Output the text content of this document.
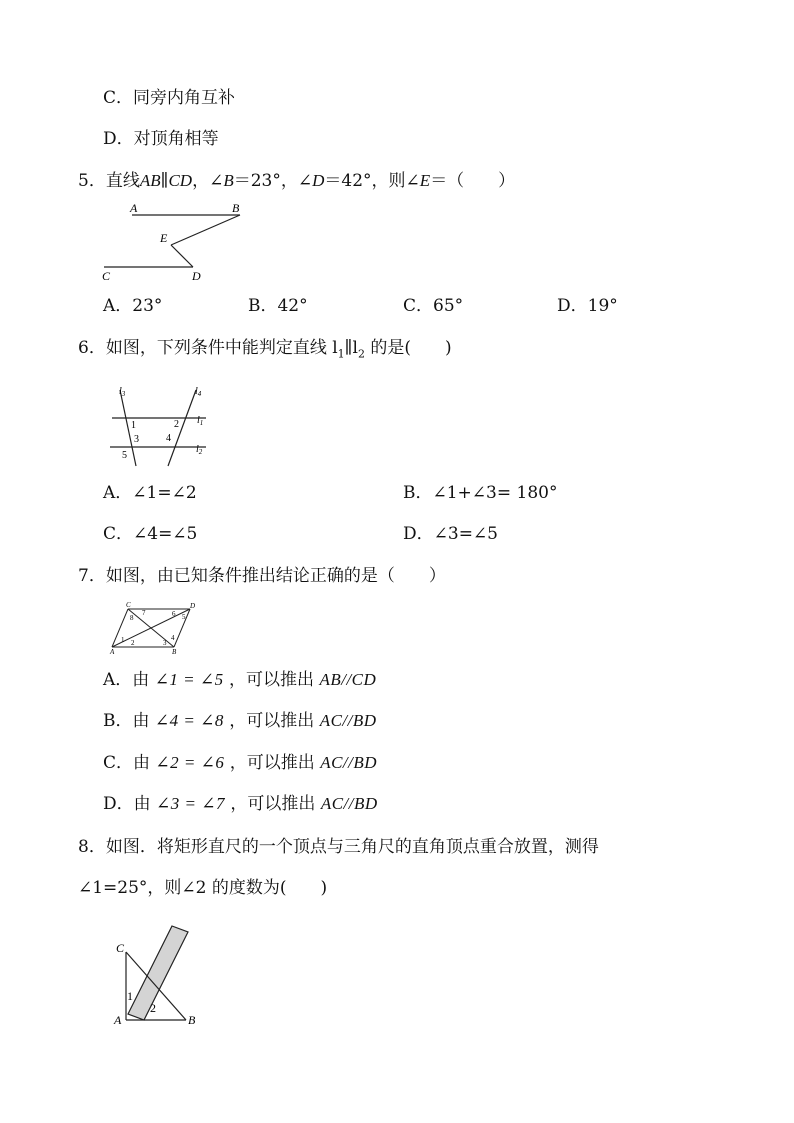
C．同旁内角互补
D．对顶角相等
5．直线AB∥CD，∠B＝23°，∠D＝42°，则∠E＝（　　）
A	B
E
C	D
A．23°	B．42°	C．65°	D．19°
6．如图，下列条件中能判定直线 $l_1\parallel l_2$ 的是(　　)
$l_3$	$l_4$
$l_1$
$l_2$
1	2
3	4
5
A．∠1=∠2	B．∠1+∠3= 180°
C．∠4=∠5	D．∠3=∠5
7．如图，由已知条件推出结论正确的是（　　）
C	D
A	B
1 2	3
4
5
6
7
8
A．由 ∠1 = ∠5 ，可以推出 AB//CD
B．由 ∠4 = ∠8 ，可以推出 AC//BD
C．由 ∠2 = ∠6 ，可以推出 AC//BD
D．由 ∠3 = ∠7 ，可以推出 AC//BD
8．如图．将矩形直尺的一个顶点与三角尺的直角顶点重合放置，测得
∠1=25°，则∠2 的度数为(　　)
C
A	B
1
2
